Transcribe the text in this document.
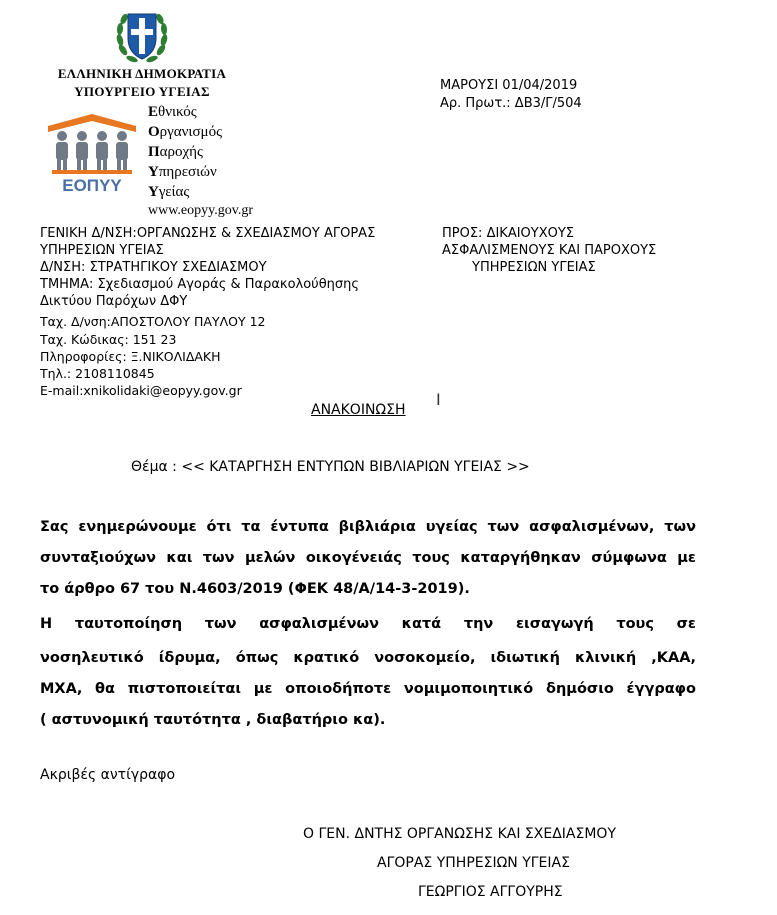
ΕΛΛΗΝΙΚΗ ΔΗΜΟΚΡΑΤΙΑ
ΥΠΟΥΡΓΕΙΟ ΥΓΕΙΑΣ
ΕΟΠΥΥ
Εθνικός
Οργανισμός
Παροχής
Υπηρεσιών
Υγείας
www.eopyy.gov.gr
ΜΑΡΟΥΣΙ 01/04/2019
Αρ. Πρωτ.: ΔΒ3/Γ/504
ΓΕΝΙΚΗ Δ/ΝΣΗ:ΟΡΓΑΝΩΣΗΣ & ΣΧΕΔΙΑΣΜΟΥ ΑΓΟΡΑΣ
ΥΠΗΡΕΣΙΩΝ ΥΓΕΙΑΣ
Δ/ΝΣΗ: ΣΤΡΑΤΗΓΙΚΟΥ ΣΧΕΔΙΑΣΜΟΥ
ΤΜΗΜΑ: Σχεδιασμού Αγοράς & Παρακολούθησης
Δικτύου Παρόχων ΔΦΥ
Ταχ. Δ/νση:ΑΠΟΣΤΟΛΟΥ ΠΑΥΛΟΥ 12
Ταχ. Κώδικας: 151 23
Πληροφορίες: Ξ.ΝΙΚΟΛΙΔΑΚΗ
Τηλ.: 2108110845
E-mail:xnikolidaki@eopyy.gov.gr
ΠΡΟΣ: ΔΙΚΑΙΟΥΧΟΥΣ
ΑΣΦΑΛΙΣΜΕΝΟΥΣ ΚΑΙ ΠΑΡΟΧΟΥΣ
ΥΠΗΡΕΣΙΩΝ ΥΓΕΙΑΣ
ΑΝΑΚΟΙΝΩΣΗ
I
Θέμα : << ΚΑΤΑΡΓΗΣΗ ΕΝΤΥΠΩΝ ΒΙΒΛΙΑΡΙΩΝ ΥΓΕΙΑΣ >>
Σας ενημερώνουμε ότι τα έντυπα βιβλιάρια υγείας των ασφαλισμένων, των
συνταξιούχων και των μελών οικογένειάς τους καταργήθηκαν σύμφωνα με
το άρθρο 67 του Ν.4603/2019 (ΦΕΚ 48/Α/14-3-2019).
Η ταυτοποίηση των ασφαλισμένων κατά την εισαγωγή τους σε
νοσηλευτικό ίδρυμα, όπως κρατικό νοσοκομείο, ιδιωτική κλινική ,ΚΑΑ,
ΜΧΑ, θα πιστοποιείται με οποιοδήποτε νομιμοποιητικό δημόσιο έγγραφο
( αστυνομική ταυτότητα , διαβατήριο κα).
Ακριβές αντίγραφο
Ο ΓΕΝ. ΔΝΤΗΣ ΟΡΓΑΝΩΣΗΣ ΚΑΙ ΣΧΕΔΙΑΣΜΟΥ
ΑΓΟΡΑΣ ΥΠΗΡΕΣΙΩΝ ΥΓΕΙΑΣ
ΓΕΩΡΓΙΟΣ ΑΓΓΟΥΡΗΣ
